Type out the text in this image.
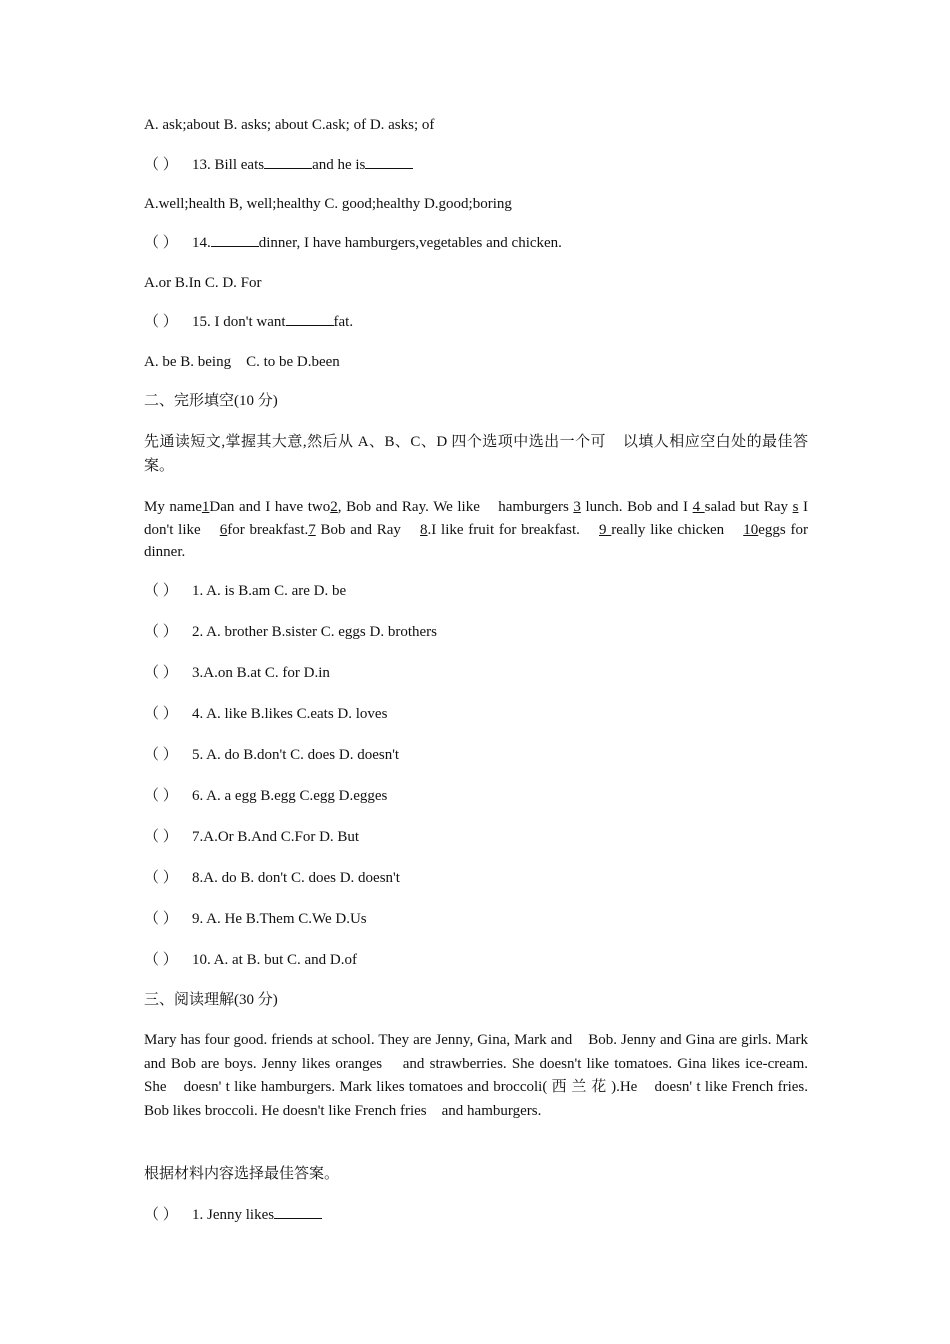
A. ask;about B. asks; about C.ask; of D. asks; of
（ ） 13. Bill eats	and he is
A.well;health B, well;healthy C. good;healthy D.good;boring
（ ） 14.	dinner, I have hamburgers,vegetables and chicken.
A.or B.In C. D. For
（ ） 15. I don't want	fat.
A. be B. being    C. to be D.been
二、完形填空(10 分)
先通读短文,掌握其大意,然后从 A、B、C、D 四个选项中选出一个可    以填人相应空白处的最佳答案。
My name1Dan and I have two2, Bob and Ray. We like    hamburgers 3 lunch. Bob and I 4 salad but Ray s I don't like    6for breakfast.7 Bob and Ray    8.I like fruit for breakfast.    9 really like chicken    10eggs for dinner.
（ ） 1. A. is B.am C. are D. be
（ ） 2. A. brother B.sister C. eggs D. brothers
（ ） 3.A.on B.at C. for D.in
（ ） 4. A. like B.likes C.eats D. loves
（ ） 5. A. do B.don't C. does D. doesn't
（ ） 6. A. a egg B.egg C.egg D.egges
（ ） 7.A.Or B.And C.For D. But
（ ） 8.A. do B. don't C. does D. doesn't
（ ） 9. A. He B.Them C.We D.Us
（ ） 10. A. at B. but C. and D.of
三、阅读理解(30 分)
Mary has four good. friends at school. They are Jenny, Gina, Mark and    Bob. Jenny and Gina are girls. Mark and Bob are boys. Jenny likes oranges    and strawberries. She doesn't like tomatoes. Gina likes ice-cream. She    doesn' t like hamburgers. Mark likes tomatoes and broccoli( 西 兰 花 ).He    doesn' t like French fries. Bob likes broccoli. He doesn't like French fries    and hamburgers.
根据材料内容选择最佳答案。
（ ） 1. Jenny likes
